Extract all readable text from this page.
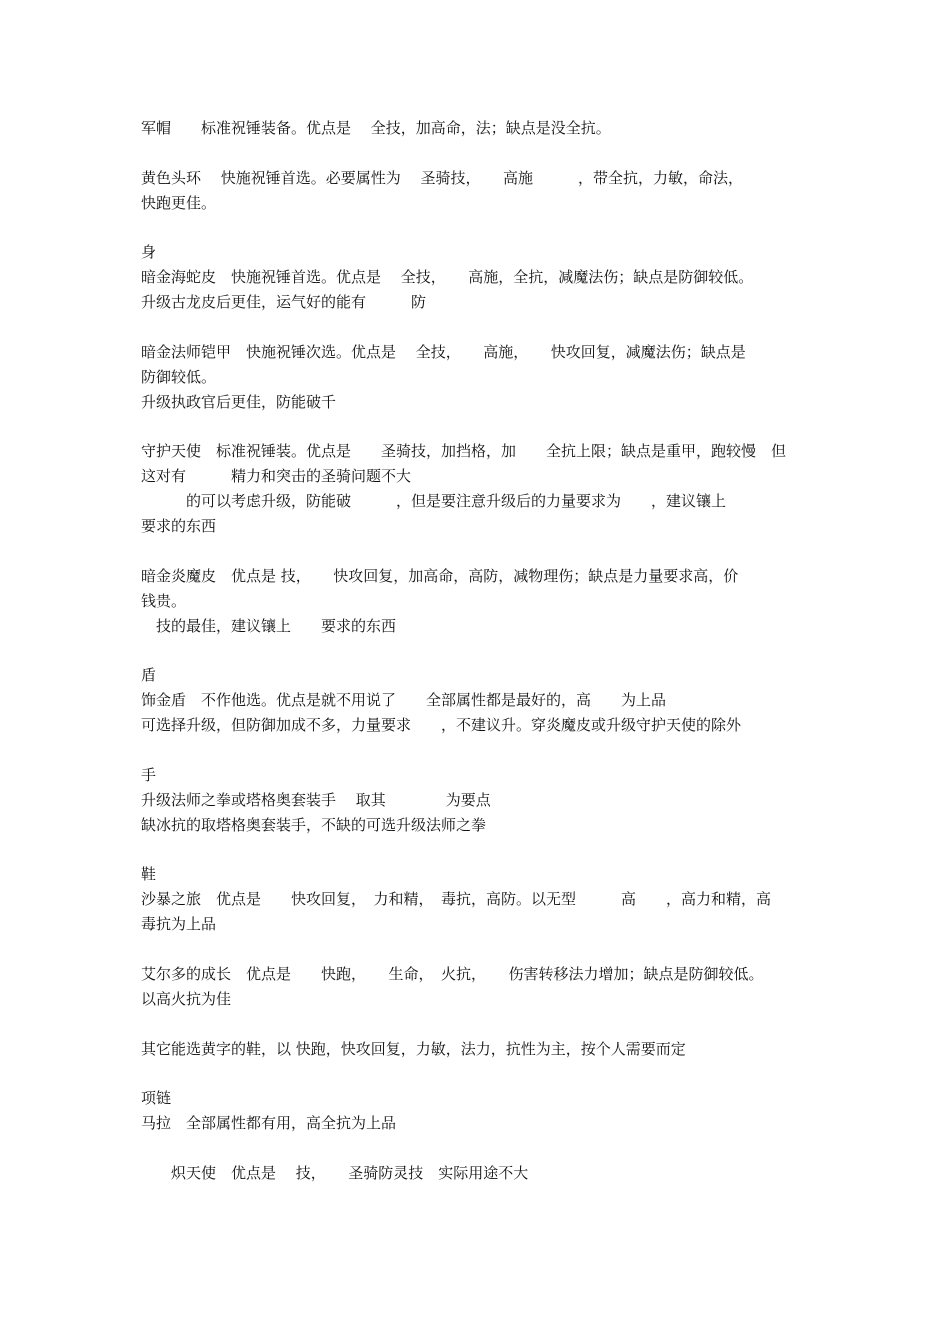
军帽　　标准祝锤装备。优点是　 全技，加高命，法；缺点是没全抗。
黄色头环　 快施祝锤首选。必要属性为　 圣骑技，　　高施　　　，带全抗，力敏，命法，
快跑更佳。
身
暗金海蛇皮　快施祝锤首选。优点是　 全技，　　高施，全抗，减魔法伤；缺点是防御较低。
升级古龙皮后更佳，运气好的能有　　　防
暗金法师铠甲　快施祝锤次选。优点是　 全技，　　高施，　　快攻回复，减魔法伤；缺点是
防御较低。
升级执政官后更佳，防能破千
守护天使　标准祝锤装。优点是　　圣骑技，加挡格，加　　全抗上限；缺点是重甲，跑较慢　但
这对有　　　精力和突击的圣骑问题不大
　　　的可以考虑升级，防能破　　　，但是要注意升级后的力量要求为　　，建议镶上
要求的东西
暗金炎魔皮　优点是 技，　　快攻回复，加高命，高防，减物理伤；缺点是力量要求高，价
钱贵。
　技的最佳，建议镶上　　要求的东西
盾
饰金盾　不作他选。优点是就不用说了　　全部属性都是最好的，高　　为上品
可选择升级，但防御加成不多，力量要求　　，不建议升。穿炎魔皮或升级守护天使的除外
手
升级法师之拳或塔格奥套装手　 取其　　　　为要点
缺冰抗的取塔格奥套装手，不缺的可选升级法师之拳
鞋
沙暴之旅　优点是　　快攻回复，　力和精，　毒抗，高防。以无型　　　高　　，高力和精，高
毒抗为上品
艾尔多的成长　优点是　　快跑，　　生命，　火抗，　　伤害转移法力增加；缺点是防御较低。
以高火抗为佳
其它能选黄字的鞋，以 快跑，快攻回复，力敏，法力，抗性为主，按个人需要而定
项链
马拉　全部属性都有用，高全抗为上品
　　炽天使　优点是　 技，　　圣骑防灵技　实际用途不大
